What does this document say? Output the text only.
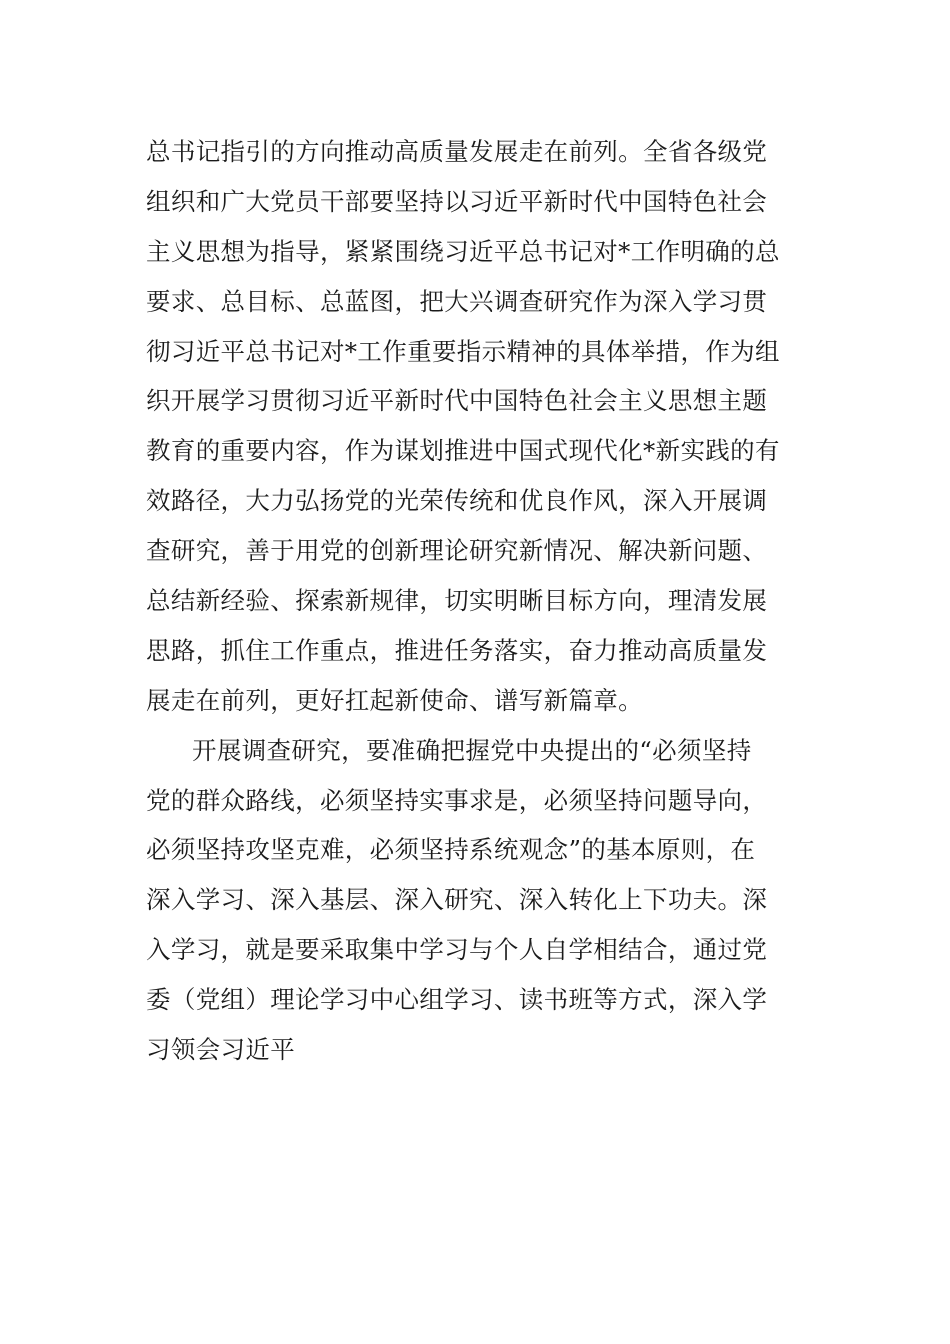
总书记指引的方向推动高质量发展走在前列。全省各级党
组织和广大党员干部要坚持以习近平新时代中国特色社会
主义思想为指导，紧紧围绕习近平总书记对*工作明确的总
要求、总目标、总蓝图，把大兴调查研究作为深入学习贯
彻习近平总书记对*工作重要指示精神的具体举措，作为组
织开展学习贯彻习近平新时代中国特色社会主义思想主题
教育的重要内容，作为谋划推进中国式现代化*新实践的有
效路径，大力弘扬党的光荣传统和优良作风，深入开展调
查研究，善于用党的创新理论研究新情况、解决新问题、
总结新经验、探索新规律，切实明晰目标方向，理清发展
思路，抓住工作重点，推进任务落实，奋力推动高质量发
展走在前列，更好扛起新使命、谱写新篇章。
开展调查研究，要准确把握党中央提出的“必须坚持
党的群众路线，必须坚持实事求是，必须坚持问题导向，
必须坚持攻坚克难，必须坚持系统观念”的基本原则，在
深入学习、深入基层、深入研究、深入转化上下功夫。深
入学习，就是要采取集中学习与个人自学相结合，通过党
委（党组）理论学习中心组学习、读书班等方式，深入学
习领会习近平
